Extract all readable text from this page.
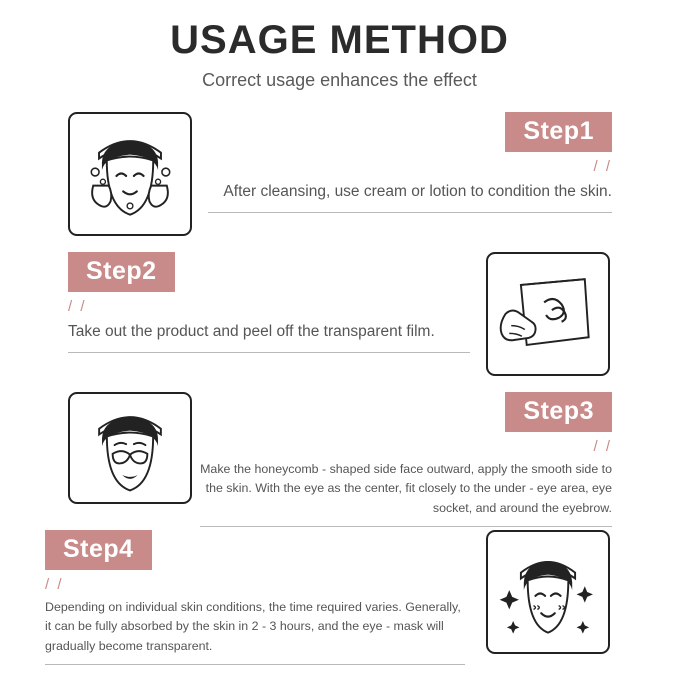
USAGE METHOD
Correct usage enhances the effect
Step1
/ /
After cleansing, use cream or lotion to condition the skin.
Step2
/ /
Take out the product and peel off the transparent film.
Step3
/ /
Make the honeycomb - shaped side face outward, apply the smooth side to the skin. With the eye as the center, fit closely to the under - eye area, eye socket, and around the eyebrow.
Step4
/ /
Depending on individual skin conditions, the time required varies. Generally, it can be fully absorbed by the skin in 2 - 3 hours, and the eye - mask will gradually become transparent.
